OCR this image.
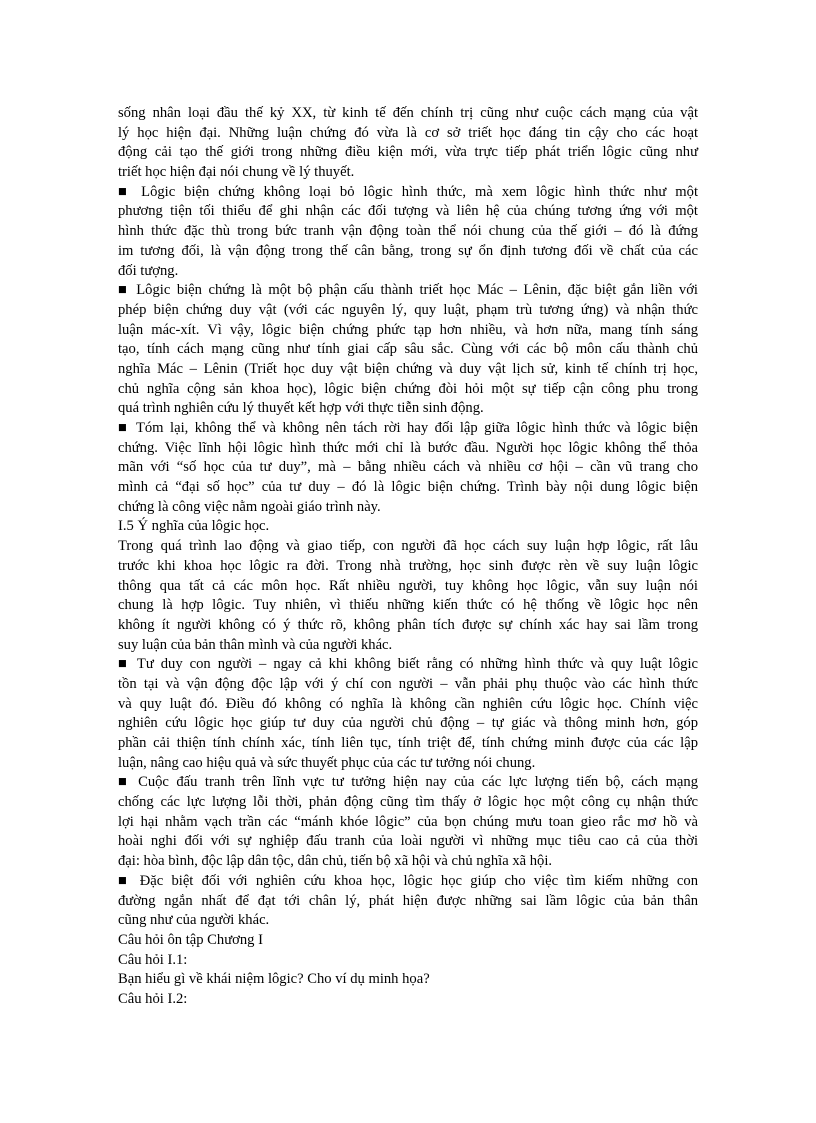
sống nhân loại đầu thế kỷ XX, từ kinh tế đến chính trị cũng như cuộc cách mạng của vật
lý học hiện đại. Những luận chứng đó vừa là cơ sở triết học đáng tin cậy cho các hoạt
động cải tạo thế giới trong những điều kiện mới, vừa trực tiếp phát triển lôgic cũng như
triết học hiện đại nói chung về lý thuyết.
■ Lôgic biện chứng không loại bỏ lôgic hình thức, mà xem lôgic hình thức như một
phương tiện tối thiểu để ghi nhận các đối tượng và liên hệ của chúng tương ứng với một
hình thức đặc thù trong bức tranh vận động toàn thể nói chung của thế giới – đó là đứng
im tương đối, là vận động trong thế cân bằng, trong sự ổn định tương đối về chất của các
đối tượng.
■ Lôgic biện chứng là một bộ phận cấu thành triết học Mác – Lênin, đặc biệt gắn liền với
phép biện chứng duy vật (với các nguyên lý, quy luật, phạm trù tương ứng) và nhận thức
luận mác-xít. Vì vậy, lôgic biện chứng phức tạp hơn nhiều, và hơn nữa, mang tính sáng
tạo, tính cách mạng cũng như tính giai cấp sâu sắc. Cùng với các bộ môn cấu thành chủ
nghĩa Mác – Lênin (Triết học duy vật biện chứng và duy vật lịch sử, kinh tế chính trị học,
chủ nghĩa cộng sản khoa học), lôgic biện chứng đòi hỏi một sự tiếp cận công phu trong
quá trình nghiên cứu lý thuyết kết hợp với thực tiễn sinh động.
■ Tóm lại, không thể và không nên tách rời hay đối lập giữa lôgic hình thức và lôgic biện
chứng. Việc lĩnh hội lôgic hình thức mới chỉ là bước đầu. Người học lôgic không thể thỏa
mãn với “số học của tư duy”, mà – bằng nhiều cách và nhiều cơ hội – cần vũ trang cho
mình cả “đại số học” của tư duy – đó là lôgic biện chứng. Trình bày nội dung lôgic biện
chứng là công việc nằm ngoài giáo trình này.
I.5 Ý nghĩa của lôgic học.
Trong quá trình lao động và giao tiếp, con người đã học cách suy luận hợp lôgic, rất lâu
trước khi khoa học lôgic ra đời. Trong nhà trường, học sinh được rèn về suy luận lôgic
thông qua tất cả các môn học. Rất nhiều người, tuy không học lôgic, vẫn suy luận nói
chung là hợp lôgic. Tuy nhiên, vì thiếu những kiến thức có hệ thống về lôgic học nên
không ít người không có ý thức rõ, không phân tích được sự chính xác hay sai lầm trong
suy luận của bản thân mình và của người khác.
■ Tư duy con người – ngay cả khi không biết rằng có những hình thức và quy luật lôgic
tồn tại và vận động độc lập với ý chí con người – vẫn phải phụ thuộc vào các hình thức
và quy luật đó. Điều đó không có nghĩa là không cần nghiên cứu lôgic học. Chính việc
nghiên cứu lôgic học giúp tư duy của người chủ động – tự giác và thông minh hơn, góp
phần cải thiện tính chính xác, tính liên tục, tính triệt để, tính chứng minh được của các lập
luận, nâng cao hiệu quả và sức thuyết phục của các tư tưởng nói chung.
■ Cuộc đấu tranh trên lĩnh vực tư tưởng hiện nay của các lực lượng tiến bộ, cách mạng
chống các lực lượng lỗi thời, phản động cũng tìm thấy ở lôgic học một công cụ nhận thức
lợi hại nhằm vạch trần các “mánh khóe lôgic” của bọn chúng mưu toan gieo rắc mơ hồ và
hoài nghi đối với sự nghiệp đấu tranh của loài người vì những mục tiêu cao cả của thời
đại: hòa bình, độc lập dân tộc, dân chủ, tiến bộ xã hội và chủ nghĩa xã hội.
■ Đặc biệt đối với nghiên cứu khoa học, lôgic học giúp cho việc tìm kiếm những con
đường ngắn nhất để đạt tới chân lý, phát hiện được những sai lầm lôgic của bản thân
cũng như của người khác.
Câu hỏi ôn tập Chương I
Câu hỏi I.1:
Bạn hiểu gì về khái niệm lôgic? Cho ví dụ minh họa?
Câu hỏi I.2:
